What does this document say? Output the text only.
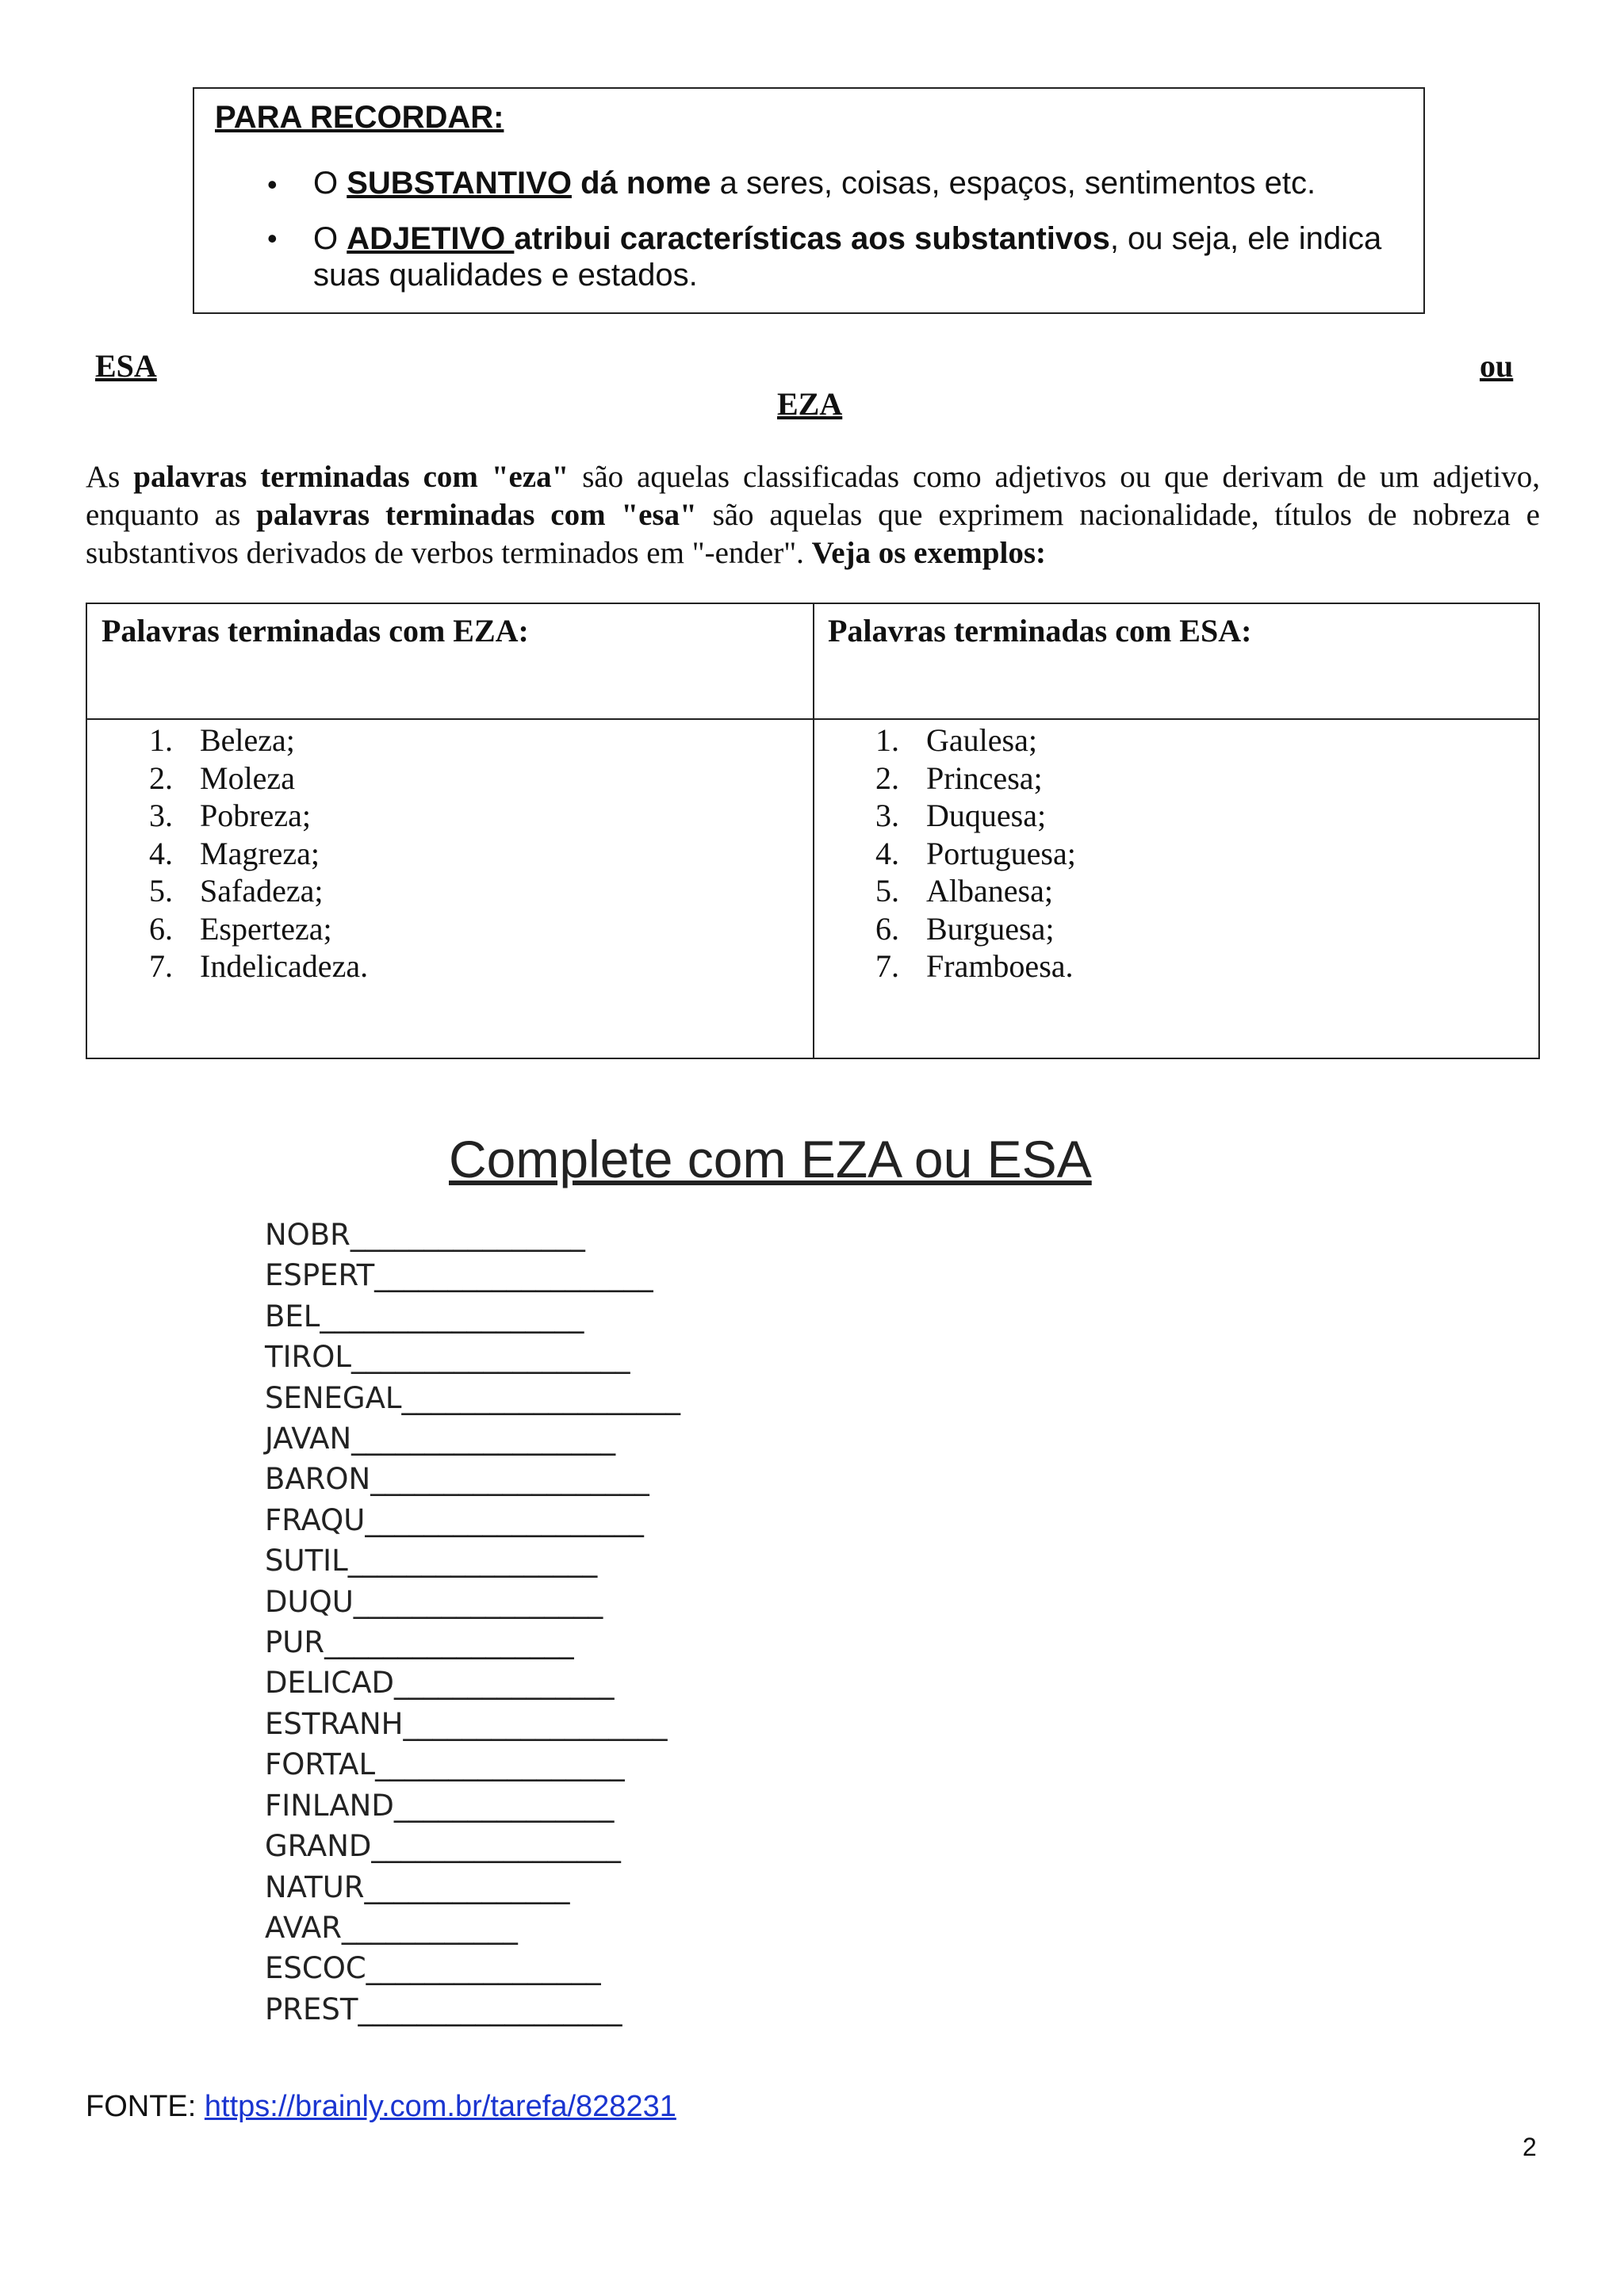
PARA RECORDAR:
• O SUBSTANTIVO dá nome a seres, coisas, espaços, sentimentos etc.
• O ADJETIVO atribui características aos substantivos, ou seja, ele indica suas qualidades e estados.
ESA	ou
EZA
As palavras terminadas com "eza" são aquelas classificadas como adjetivos ou que derivam de um adjetivo, enquanto as palavras terminadas com "esa" são aquelas que exprimem nacionalidade, títulos de nobreza e substantivos derivados de verbos terminados em "-ender". Veja os exemplos:
Palavras terminadas com EZA:	Palavras terminadas com ESA:
1. Beleza;
2. Moleza
3. Pobreza;
4. Magreza;
5. Safadeza;
6. Esperteza;
7. Indelicadeza.
1. Gaulesa;
2. Princesa;
3. Duquesa;
4. Portuguesa;
5. Albanesa;
6. Burguesa;
7. Framboesa.
Complete com EZA ou ESA
NOBR________________
ESPERT___________________
BEL__________________
TIROL___________________
SENEGAL___________________
JAVAN__________________
BARON___________________
FRAQU___________________
SUTIL_________________
DUQU_________________
PUR_________________
DELICAD_______________
ESTRANH__________________
FORTAL_________________
FINLAND_______________
GRAND_________________
NATUR______________
AVAR____________
ESCOC________________
PREST__________________
FONTE: https://brainly.com.br/tarefa/828231
2
